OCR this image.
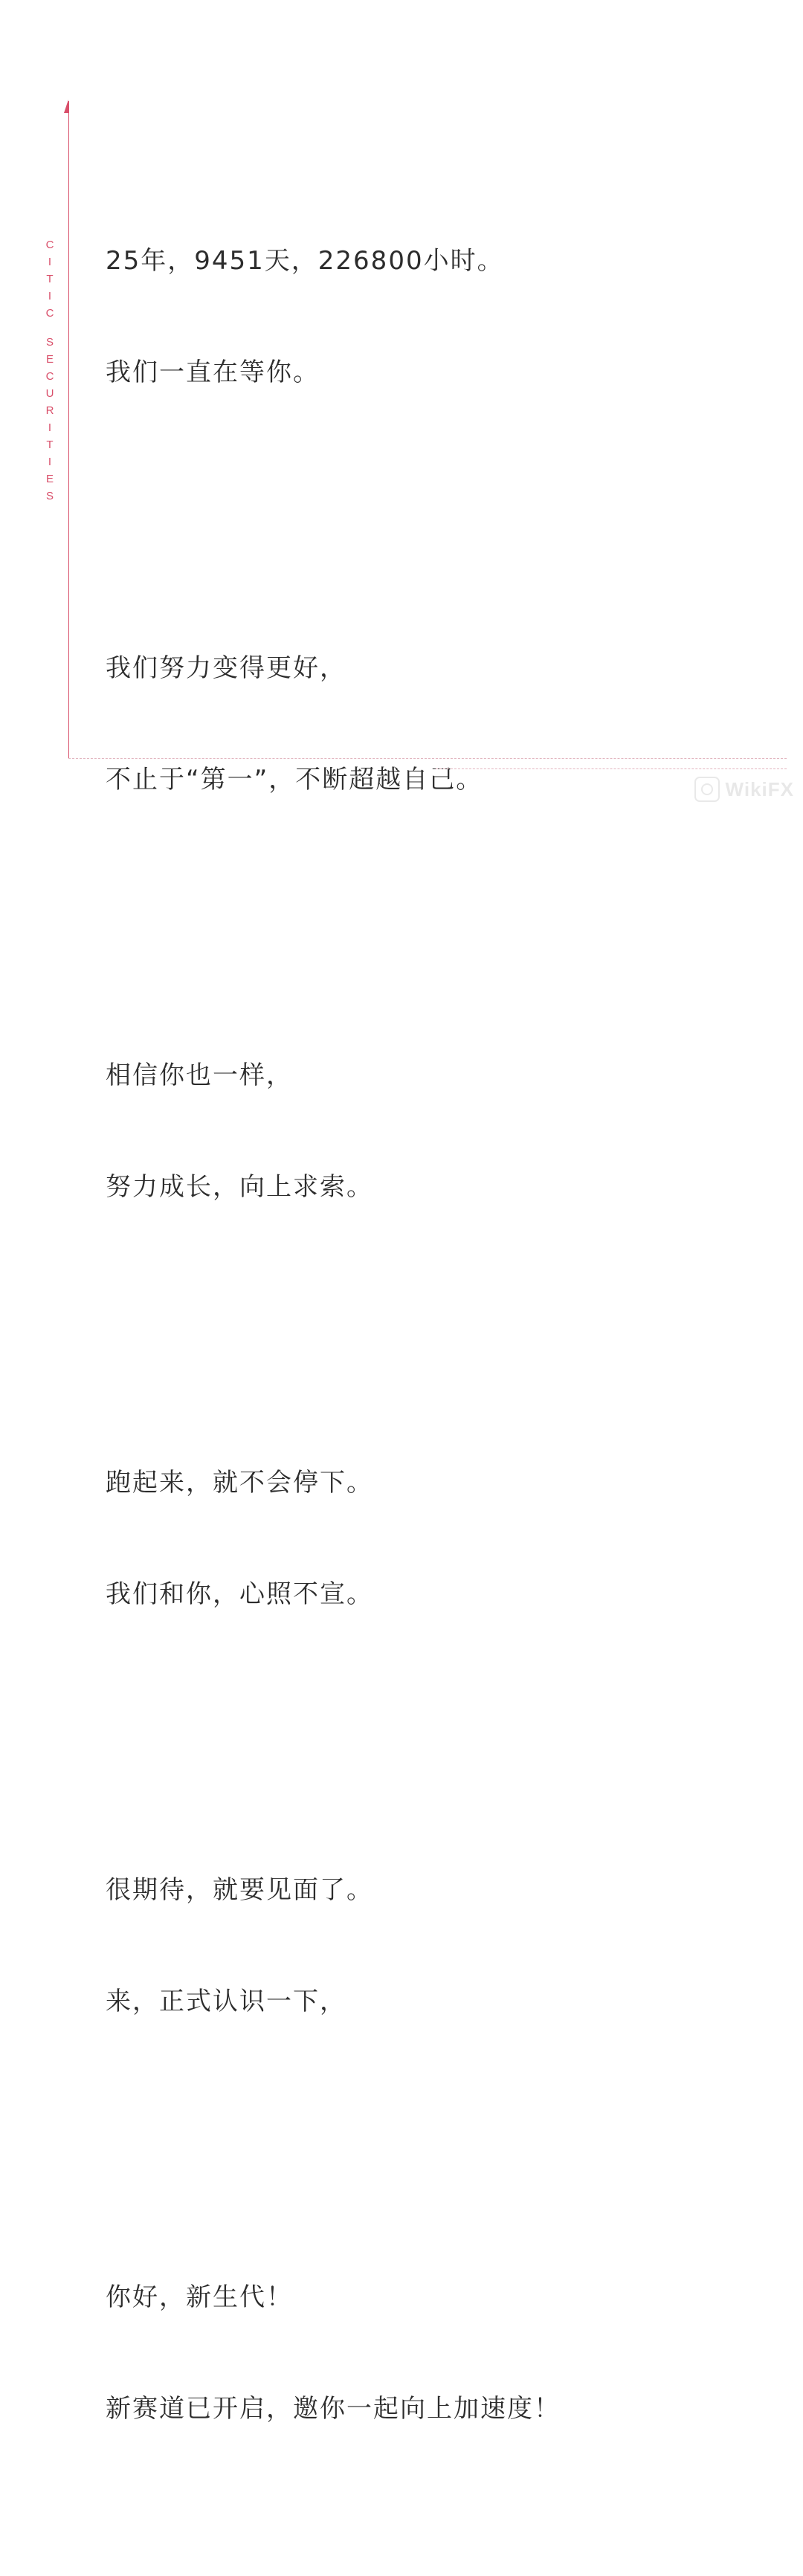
C
I
T
I
C
S
E
C
U
R
I
T
I
E
S

25年，9451天，226800小时。

我们一直在等你。

我们努力变得更好，

不止于“第一”，不断超越自己。

相信你也一样，

努力成长，向上求索。

跑起来，就不会停下。

我们和你，心照不宣。

很期待，就要见面了。

来，正式认识一下，

你好，新生代！

新赛道已开启，邀你一起向上加速度！

WikiFX
